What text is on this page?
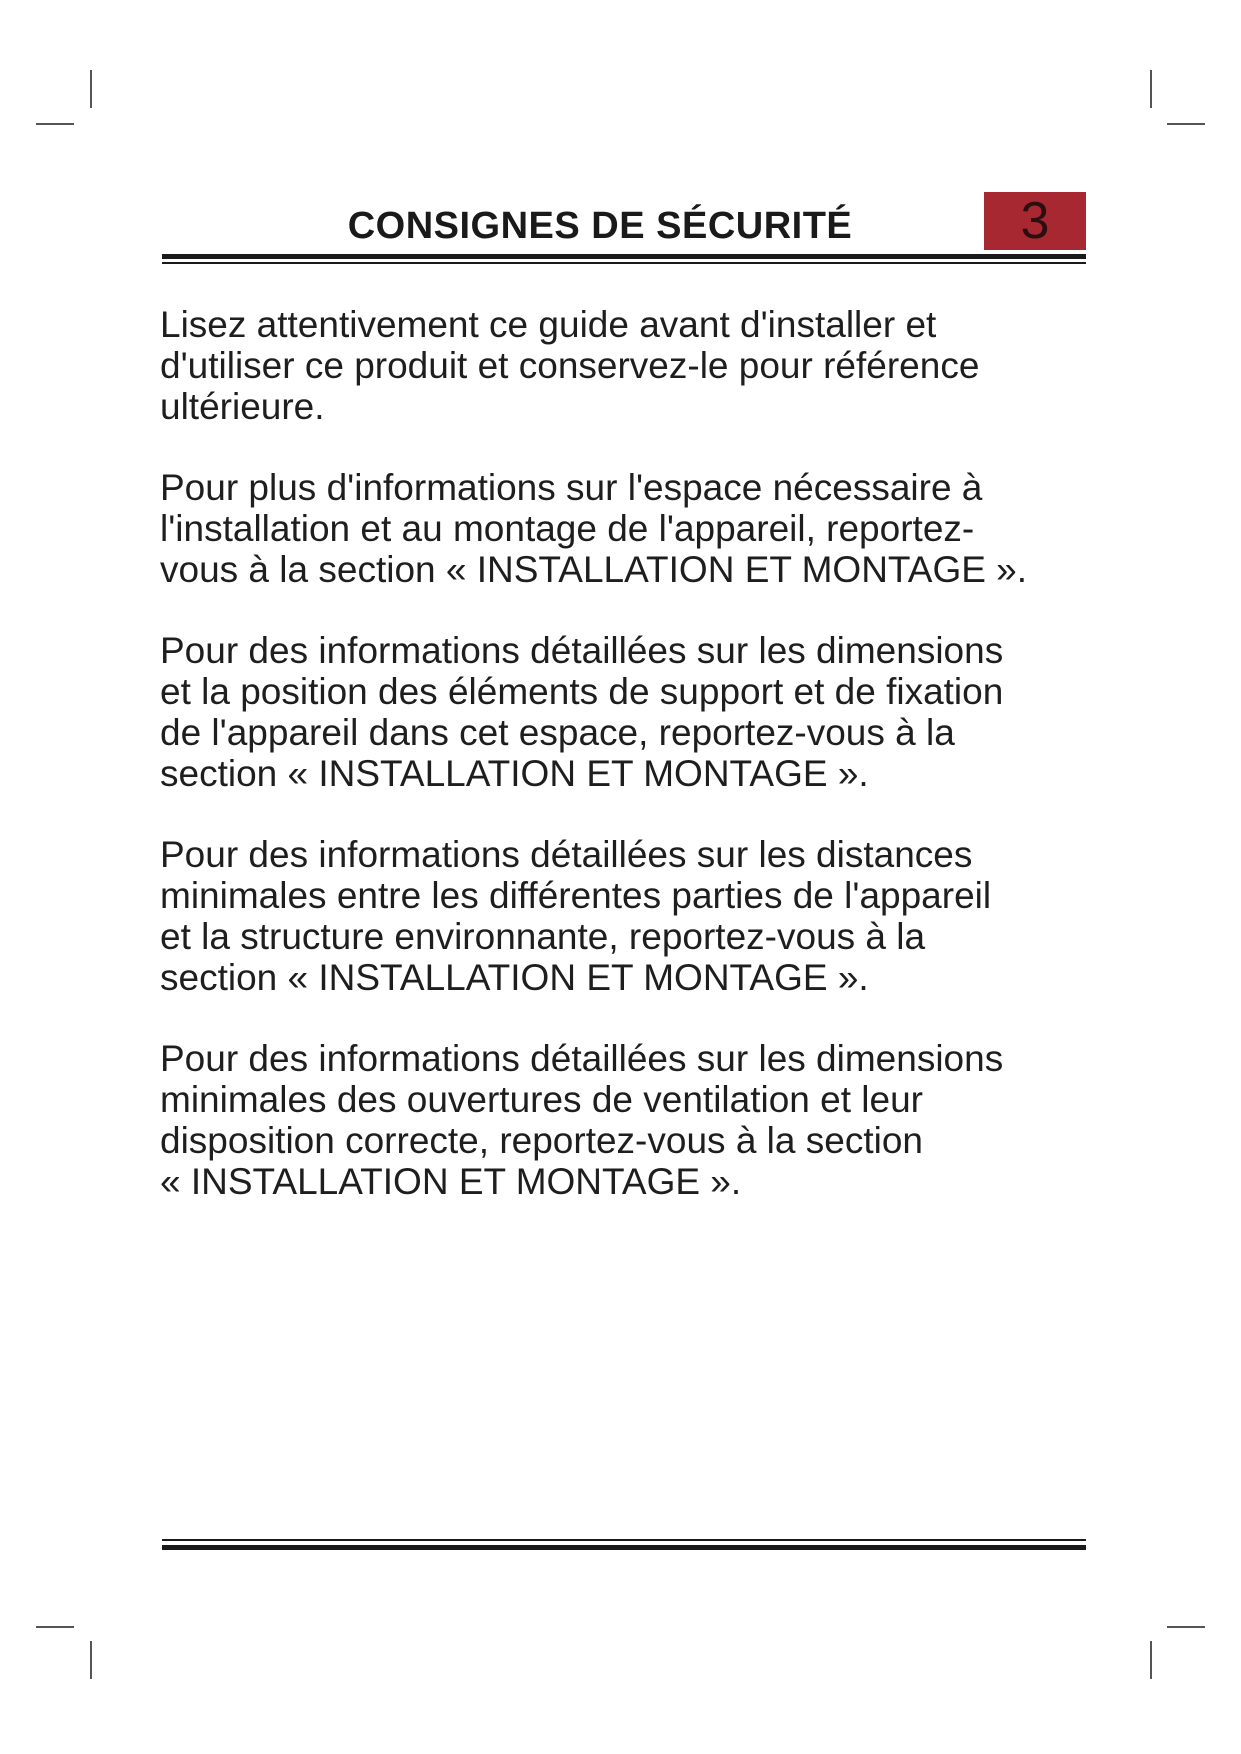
CONSIGNES DE SÉCURITÉ	3

Lisez attentivement ce guide avant d'installer et
d'utiliser ce produit et conservez-le pour référence
ultérieure.

Pour plus d'informations sur l'espace nécessaire à
l'installation et au montage de l'appareil, reportez-
vous à la section « INSTALLATION ET MONTAGE ».

Pour des informations détaillées sur les dimensions
et la position des éléments de support et de fixation
de l'appareil dans cet espace, reportez-vous à la
section « INSTALLATION ET MONTAGE ».

Pour des informations détaillées sur les distances
minimales entre les différentes parties de l'appareil
et la structure environnante, reportez-vous à la
section « INSTALLATION ET MONTAGE ».

Pour des informations détaillées sur les dimensions
minimales des ouvertures de ventilation et leur
disposition correcte, reportez-vous à la section
« INSTALLATION ET MONTAGE ».
